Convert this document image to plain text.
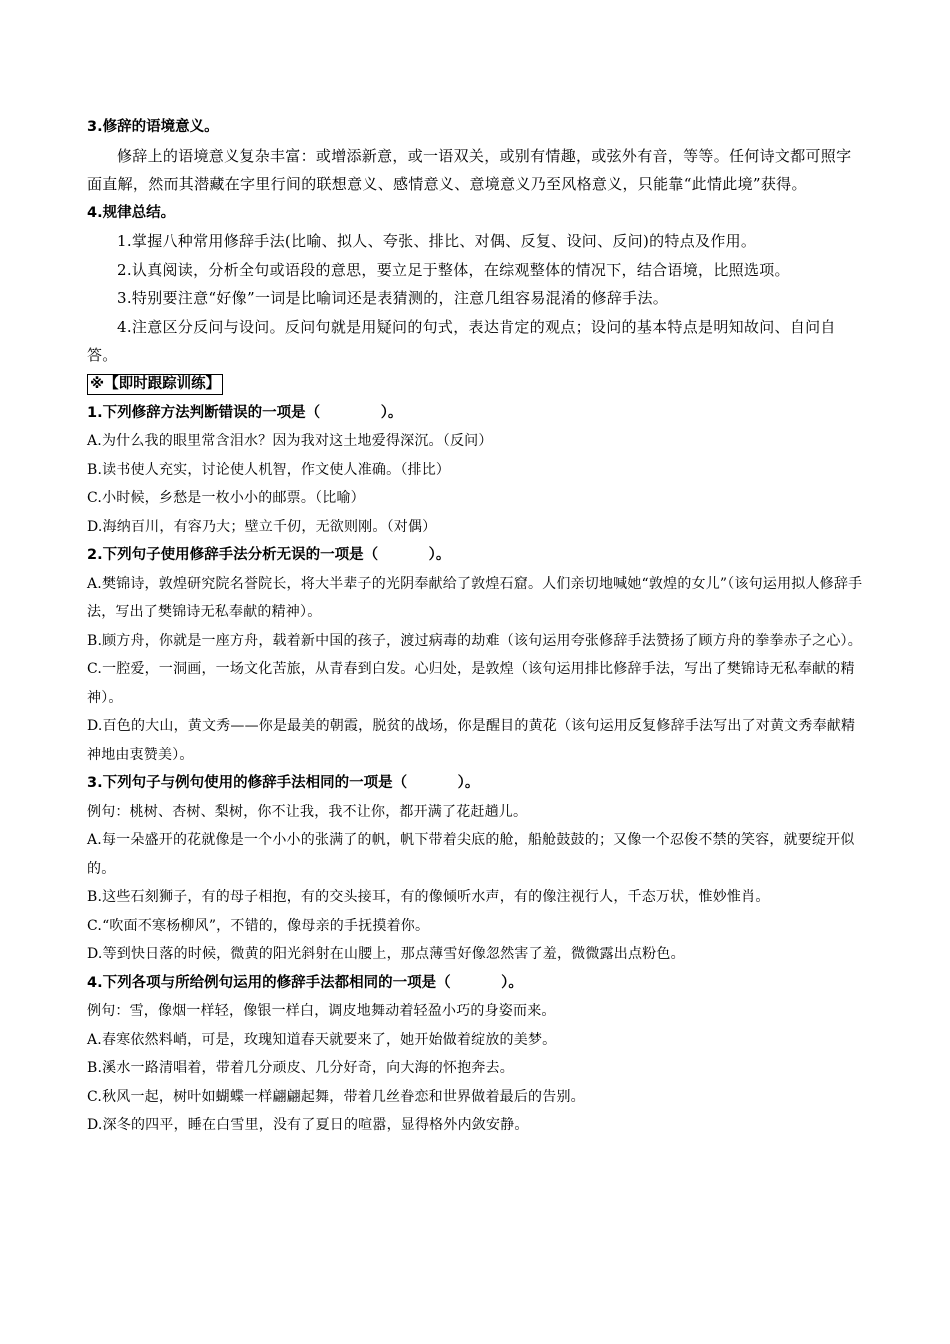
3.修辞的语境意义。
修辞上的语境意义复杂丰富：或增添新意，或一语双关，或别有情趣，或弦外有音，等等。任何诗文都可照字面直解，然而其潜藏在字里行间的联想意义、感情意义、意境意义乃至风格意义，只能靠“此情此境”获得。
4.规律总结。
1.掌握八种常用修辞手法(比喻、拟人、夸张、排比、对偶、反复、设问、反问)的特点及作用。
2.认真阅读，分析全句或语段的意思，要立足于整体，在综观整体的情况下，结合语境，比照选项。
3.特别要注意“好像”一词是比喻词还是表猜测的，注意几组容易混淆的修辞手法。
4.注意区分反问与设问。反问句就是用疑问的句式，表达肯定的观点；设问的基本特点是明知故问、自问自答。
※【即时跟踪训练】
1.下列修辞方法判断错误的一项是（	）。
A.为什么我的眼里常含泪水？因为我对这土地爱得深沉。（反问）
B.读书使人充实，讨论使人机智，作文使人准确。（排比）
C.小时候，乡愁是一枚小小的邮票。（比喻）
D.海纳百川，有容乃大；壁立千仞，无欲则刚。（对偶）
2.下列句子使用修辞手法分析无误的一项是（	）。
A.樊锦诗，敦煌研究院名誉院长，将大半辈子的光阴奉献给了敦煌石窟。人们亲切地喊她“敦煌的女儿”（该句运用拟人修辞手法，写出了樊锦诗无私奉献的精神）。
B.顾方舟，你就是一座方舟，载着新中国的孩子，渡过病毒的劫难（该句运用夸张修辞手法赞扬了顾方舟的拳拳赤子之心）。
C.一腔爱，一洞画，一场文化苦旅，从青春到白发。心归处，是敦煌（该句运用排比修辞手法，写出了樊锦诗无私奉献的精神）。
D.百色的大山，黄文秀——你是最美的朝霞，脱贫的战场，你是醒目的黄花（该句运用反复修辞手法写出了对黄文秀奉献精神地由衷赞美）。
3.下列句子与例句使用的修辞手法相同的一项是（	）。
例句：桃树、杏树、梨树，你不让我，我不让你，都开满了花赶趟儿。
A.每一朵盛开的花就像是一个小小的张满了的帆，帆下带着尖底的舱，船舱鼓鼓的；又像一个忍俊不禁的笑容，就要绽开似的。
B.这些石刻狮子，有的母子相抱，有的交头接耳，有的像倾听水声，有的像注视行人，千态万状，惟妙惟肖。
C.“吹面不寒杨柳风”，不错的，像母亲的手抚摸着你。
D.等到快日落的时候，微黄的阳光斜射在山腰上，那点薄雪好像忽然害了羞，微微露出点粉色。
4.下列各项与所给例句运用的修辞手法都相同的一项是（	）。
例句：雪，像烟一样轻，像银一样白，调皮地舞动着轻盈小巧的身姿而来。
A.春寒依然料峭，可是，玫瑰知道春天就要来了，她开始做着绽放的美梦。
B.溪水一路清唱着，带着几分顽皮、几分好奇，向大海的怀抱奔去。
C.秋风一起，树叶如蝴蝶一样翩翩起舞，带着几丝眷恋和世界做着最后的告别。
D.深冬的四平，睡在白雪里，没有了夏日的喧嚣，显得格外内敛安静。
